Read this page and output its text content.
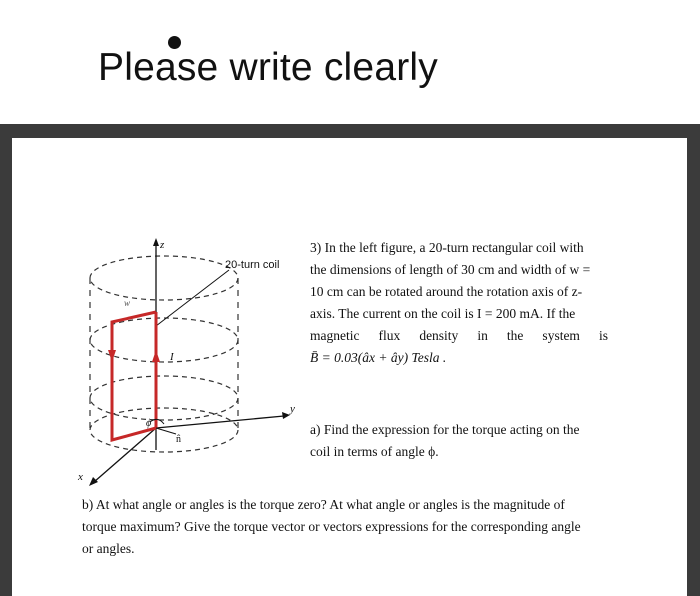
Please write clearly
z
y
x
20-turn coil
w
I
ϕ
n̂
3) In the left figure, a 20-turn rectangular coil with
the dimensions of length of 30 cm and width of w =
10 cm can be rotated around the rotation axis of z-
axis. The current on the coil is I = 200 mA. If the
magnetic flux density in the system is
B̄ = 0.03(âx + ây) Tesla .
a) Find the expression for the torque acting on the
coil in terms of angle ϕ.
b) At what angle or angles is the torque zero? At what angle or angles is the magnitude of
torque maximum? Give the torque vector or vectors expressions for the corresponding angle
or angles.
